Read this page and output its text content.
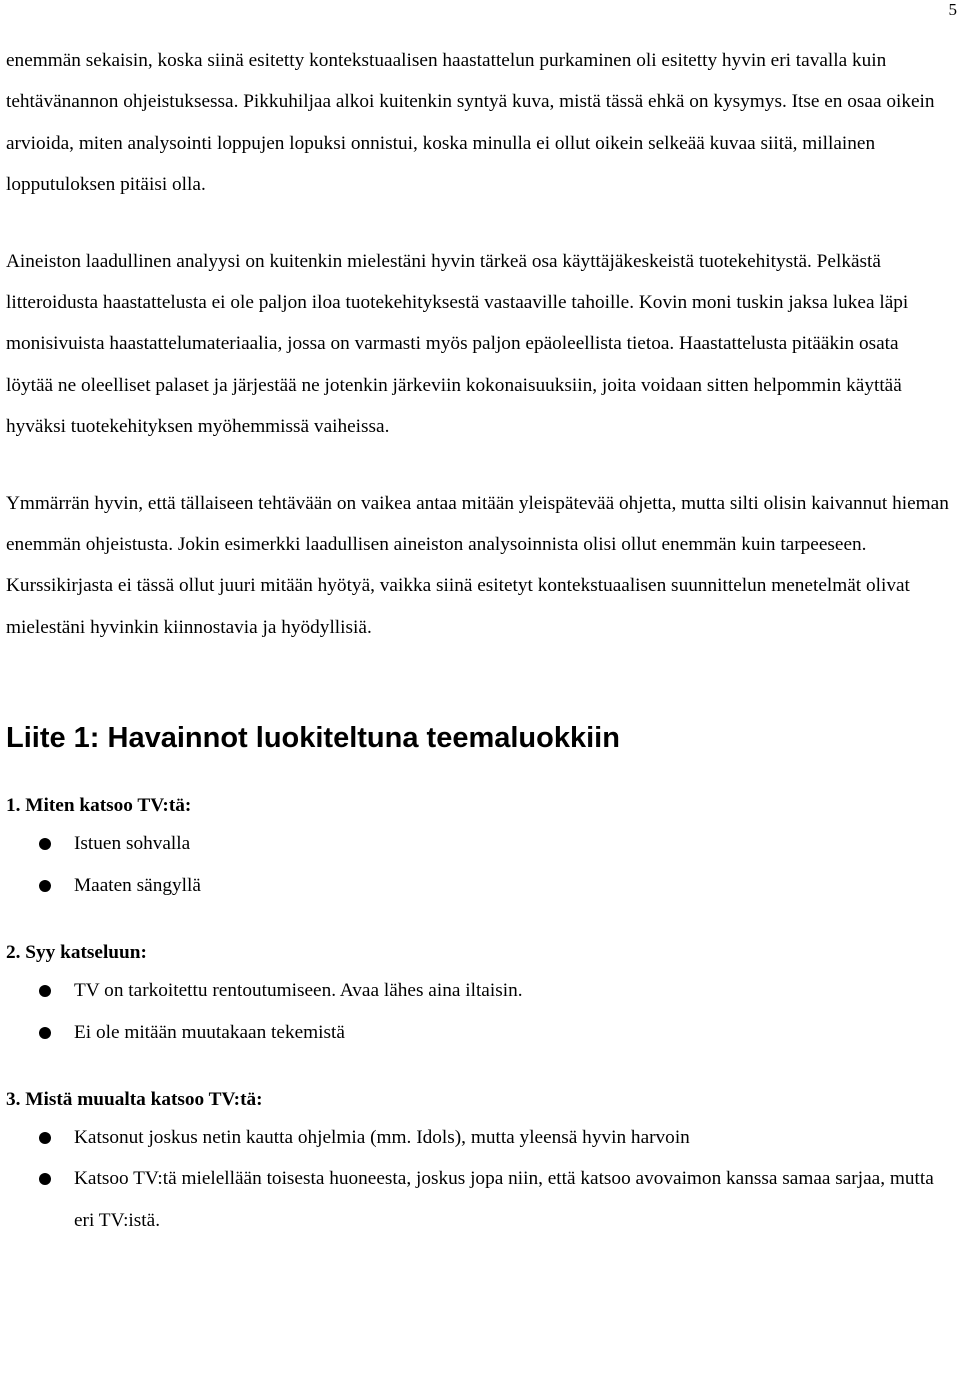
5

enemmän sekaisin, koska siinä esitetty kontekstuaalisen haastattelun purkaminen oli esitetty hyvin eri tavalla kuin tehtävänannon ohjeistuksessa. Pikkuhiljaa alkoi kuitenkin syntyä kuva, mistä tässä ehkä on kysymys. Itse en osaa oikein arvioida, miten analysointi loppujen lopuksi onnistui, koska minulla ei ollut oikein selkeää kuvaa siitä, millainen lopputuloksen pitäisi olla.

Aineiston laadullinen analyysi on kuitenkin mielestäni hyvin tärkeä osa käyttäjäkeskeistä tuotekehitystä. Pelkästä litteroidusta haastattelusta ei ole paljon iloa tuotekehityksestä vastaaville tahoille. Kovin moni tuskin jaksa lukea läpi monisivuista haastattelumateriaalia, jossa on varmasti myös paljon epäoleellista tietoa. Haastattelusta pitääkin osata löytää ne oleelliset palaset ja järjestää ne jotenkin järkeviin kokonaisuuksiin, joita voidaan sitten helpommin käyttää hyväksi tuotekehityksen myöhemmissä vaiheissa.

Ymmärrän hyvin, että tällaiseen tehtävään on vaikea antaa mitään yleispätevää ohjetta, mutta silti olisin kaivannut hieman enemmän ohjeistusta. Jokin esimerkki laadullisen aineiston analysoinnista olisi ollut enemmän kuin tarpeeseen. Kurssikirjasta ei tässä ollut juuri mitään hyötyä, vaikka siinä esitetyt kontekstuaalisen suunnittelun menetelmät olivat mielestäni hyvinkin kiinnostavia ja hyödyllisiä.

Liite 1: Havainnot luokiteltuna teemaluokkiin

1. Miten katsoo TV:tä:

Istuen sohvalla
Maaten sängyllä

2. Syy katseluun:

TV on tarkoitettu rentoutumiseen. Avaa lähes aina iltaisin.
Ei ole mitään muutakaan tekemistä

3. Mistä muualta katsoo TV:tä:

Katsonut joskus netin kautta ohjelmia (mm. Idols), mutta yleensä hyvin harvoin
Katsoo TV:tä mielellään toisesta huoneesta, joskus jopa niin, että katsoo avovaimon kanssa samaa sarjaa, mutta eri TV:istä.
